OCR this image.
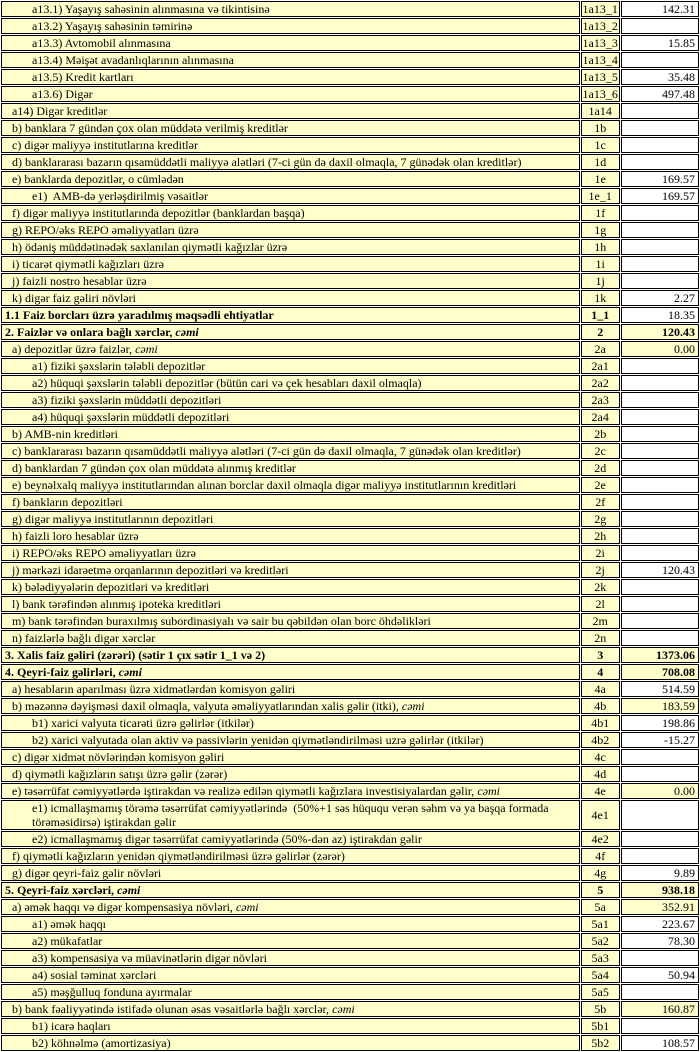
a13.1) Yaşayış sahəsinin alınmasına və tikintisinə	1a13_1	142.31
a13.2) Yaşayış sahəsinin təmirinə	1a13_2	
a13.3) Avtomobil alınmasına	1a13_3	15.85
a13.4) Məişət avadanlıqlarının alınmasına	1a13_4	
a13.5) Kredit kartları	1a13_5	35.48
a13.6) Digər	1a13_6	497.48
a14) Digər kreditlər	1a14	
b) banklara 7 gündən çox olan müddətə verilmiş kreditlər	1b	
c) digər maliyyə institutlarına kreditlər	1c	
d) banklararası bazarın qısamüddətli maliyyə alətləri (7-ci gün də daxil olmaqla, 7 günədək olan kreditlər)	1d	
e) banklarda depozitlər, o cümlədən	1e	169.57
e1)  AMB-də yerləşdirilmiş vəsaitlər	1e_1	169.57
f) digər maliyyə institutlarında depozitlər (banklardan başqa)	1f	
g) REPO/əks REPO əməliyyatları üzrə	1g	
h) ödəniş müddətinədək saxlanılan qiymətli kağızlar üzrə	1h	
i) ticarət qiymətli kağızları üzrə	1i	
j) faizli nostro hesablar üzrə	1j	
k) digər faiz gəliri növləri	1k	2.27
1.1 Faiz borcları üzrə yaradılmış məqsədli ehtiyatlar	1_1	18.35
2. Faizlər və onlara bağlı xərclər, cəmi	2	120.43
a) depozitlər üzrə faizlər, cəmi	2a	0.00
a1) fiziki şəxslərin tələbli depozitlər	2a1	
a2) hüquqi şəxslərin tələbli depozitlər (bütün cari və çek hesabları daxil olmaqla)	2a2	
a3) fiziki şəxslərin müddətli depozitləri	2a3	
a4) hüquqi şəxslərin müddətli depozitləri	2a4	
b) AMB-nin kreditləri	2b	
c) banklararası bazarın qısamüddətli maliyyə alətləri (7-ci gün də daxil olmaqla, 7 günədək olan kreditlər)	2c	
d) banklardan 7 gündən çox olan müddətə alınmış kreditlər	2d	
e) beynəlxalq maliyyə institutlarından alınan borclar daxil olmaqla digər maliyyə institutlarının kreditləri	2e	
f) bankların depozitləri	2f	
g) digər maliyyə institutlarının depozitləri	2g	
h) faizli loro hesablar üzrə	2h	
i) REPO/əks REPO əməliyyatları üzrə	2i	
j) mərkəzi idarəetmə orqanlarının depozitləri və kreditləri	2j	120.43
k) bələdiyyələrin depozitləri və kreditləri	2k	
l) bank tərəfindən alınmış ipoteka kreditləri	2l	
m) bank tərəfindən buraxılmış subordinasiyalı və sair bu qəbildən olan borc öhdəlikləri	2m	
n) faizlərlə bağlı digər xərclər	2n	
3. Xalis faiz gəliri (zərəri) (sətir 1 çıx sətir 1_1 və 2)	3	1373.06
4. Qeyri-faiz gəlirləri, cəmi	4	708.08
a) hesabların aparılması üzrə xidmətlərdən komisyon gəliri	4a	514.59
b) məzənnə dəyişməsi daxil olmaqla, valyuta əməliyyatlarından xalis gəlir (itki), cəmi	4b	183.59
b1) xarici valyuta ticarəti üzrə gəlirlər (itkilər)	4b1	198.86
b2) xarici valyutada olan aktiv və passivlərin yenidən qiymətləndirilməsi uzrə gəlirlər (itkilər)	4b2	-15.27
c) digər xidmət növlərindən komisyon gəliri	4c	
d) qiymətli kağızların satışı üzrə gəlir (zərər)	4d	
e) təsərrüfat cəmiyyətlərdə iştirakdan və realizə edilən qiymətli kağızlara investisiyalardan gəlir, cəmi	4e	0.00
e1) icmallaşmamış törəmə təsərrüfat cəmiyyətlərində  (50%+1 səs hüququ verən səhm və ya başqa formada törəməsidirsə) iştirakdan gəlir	4e1	
e2) icmallaşmamış digər təsərrüfat cəmiyyətlərində (50%-dən az) iştirakdan gəlir	4e2	
f) qiymətli kağızların yenidən qiymətləndirilməsi üzrə gəlirlər (zərər)	4f	
g) digər qeyri-faiz gəlir növləri	4g	9.89
5. Qeyri-faiz xərcləri, cəmi	5	938.18
a) əmək haqqı və digər kompensasiya növləri, cəmi	5a	352.91
a1) əmək haqqı	5a1	223.67
a2) mükafatlar	5a2	78.30
a3) kompensasiya və müavinətlərin digər növləri	5a3	
a4) sosial təminat xərcləri	5a4	50.94
a5) məşğulluq fonduna ayırmalar	5a5	
b) bank fəaliyyətində istifadə olunan əsas vəsaitlərlə bağlı xərclər, cəmi	5b	160.87
b1) icarə haqları	5b1	
b2) köhnəlmə (amortizasiya)	5b2	108.57
